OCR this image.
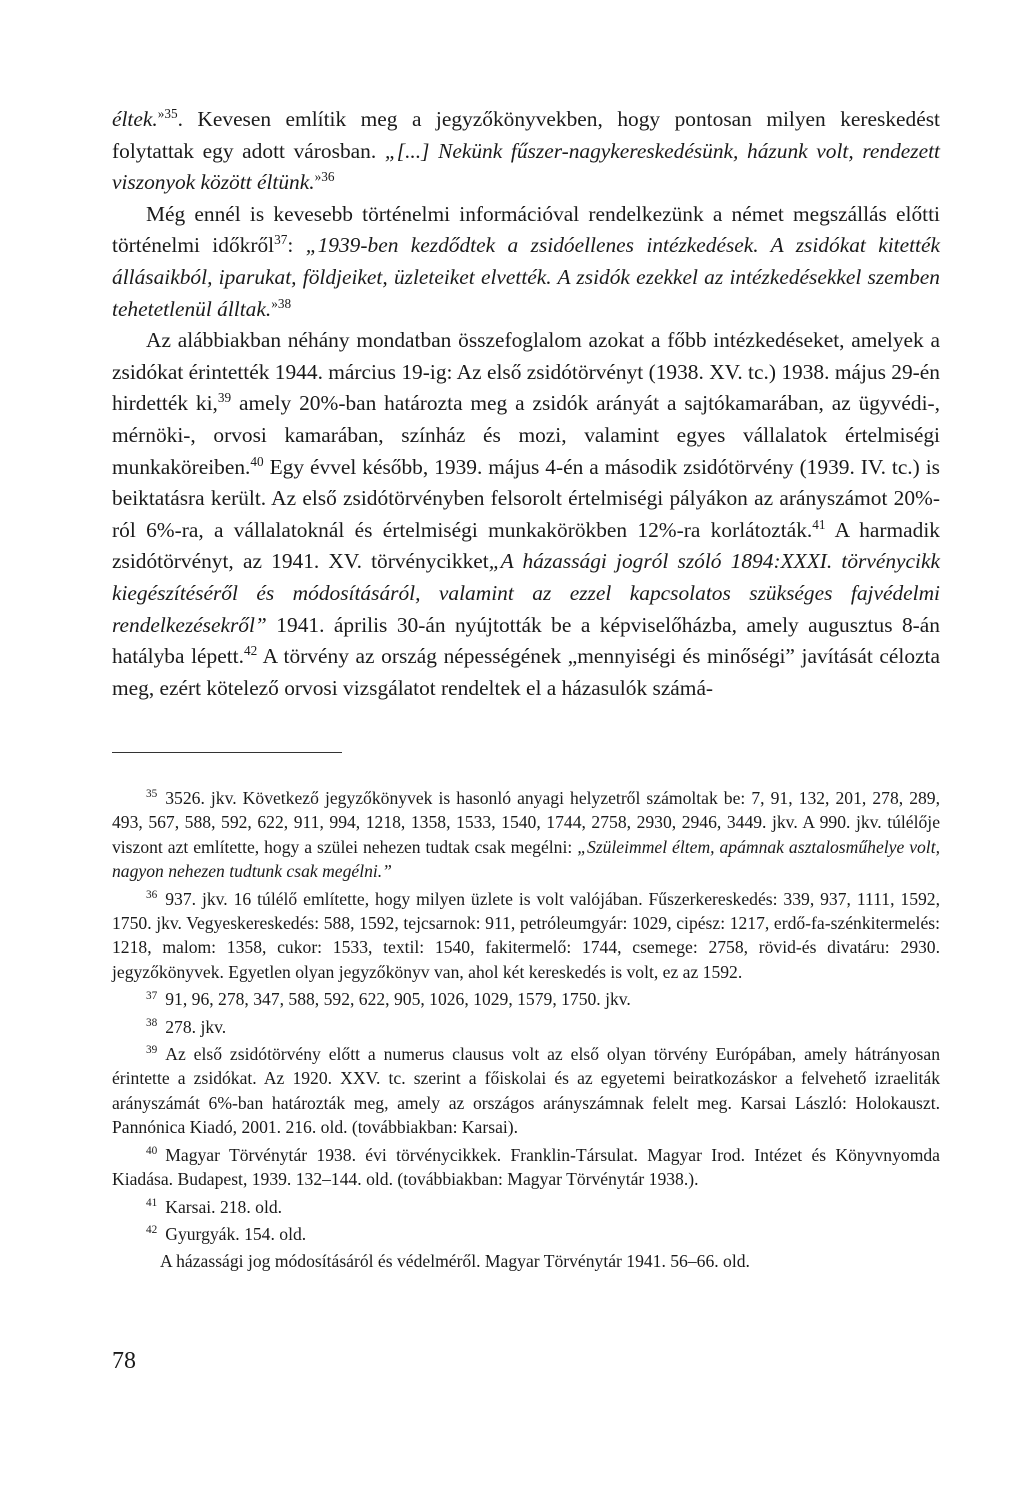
éltek.$^{»35}$. Kevesen említik meg a jegyzőkönyvekben, hogy pontosan milyen kereskedést folytattak egy adott városban. „[...] Nekünk fűszer-nagykereskedésünk, házunk volt, rendezett viszonyok között éltünk.$^{»36}$

Még ennél is kevesebb történelmi információval rendelkezünk a német megszállás előtti történelmi időkről$^{37}$: „1939-ben kezdődtek a zsidóellenes intézkedések. A zsidókat kitették állásaikból, iparukat, földjeiket, üzleteiket elvették. A zsidók ezekkel az intézkedésekkel szemben tehetetlenül álltak.$^{»38}$

Az alábbiakban néhány mondatban összefoglalom azokat a főbb intézkedéseket, amelyek a zsidókat érintették 1944. március 19-ig: Az első zsidótörvényt (1938. XV. tc.) 1938. május 29-én hirdették ki,$^{39}$ amely 20%-ban határozta meg a zsidók arányát a sajtókamarában, az ügyvédi-, mérnöki-, orvosi kamarában, színház és mozi, valamint egyes vállalatok értelmiségi munkaköreiben.$^{40}$ Egy évvel később, 1939. május 4-én a második zsidótörvény (1939. IV. tc.) is beiktatásra került. Az első zsidótörvényben felsorolt értelmiségi pályákon az arányszámot 20%-ról 6%-ra, a vállalatoknál és értelmiségi munkakörökben 12%-ra korlátozták.$^{41}$ A harmadik zsidótörvényt, az 1941. XV. törvénycikket„A házassági jogról szóló 1894:XXXI. törvénycikk kiegészítéséről és módosításáról, valamint az ezzel kapcsolatos szükséges fajvédelmi rendelkezésekről” 1941. április 30-án nyújtották be a képviselőházba, amely augusztus 8-án hatályba lépett.$^{42}$ A törvény az ország népességének „mennyiségi és minőségi” javítását célozta meg, ezért kötelező orvosi vizsgálatot rendeltek el a házasulók számá-

$^{35}$ 3526. jkv. Következő jegyzőkönyvek is hasonló anyagi helyzetről számoltak be: 7, 91, 132, 201, 278, 289, 493, 567, 588, 592, 622, 911, 994, 1218, 1358, 1533, 1540, 1744, 2758, 2930, 2946, 3449. jkv. A 990. jkv. túlélője viszont azt említette, hogy a szülei nehezen tudtak csak megélni: „Szüleimmel éltem, apámnak asztalosműhelye volt, nagyon nehezen tudtunk csak megélni.”

$^{36}$ 937. jkv. 16 túlélő említette, hogy milyen üzlete is volt valójában. Fűszerkereskedés: 339, 937, 1111, 1592, 1750. jkv. Vegyeskereskedés: 588, 1592, tejcsarnok: 911, petróleumgyár: 1029, cipész: 1217, erdő-fa-szénkitermelés: 1218, malom: 1358, cukor: 1533, textil: 1540, fakitermelő: 1744, csemege: 2758, rövid-és divatáru: 2930. jegyzőkönyvek. Egyetlen olyan jegyzőkönyv van, ahol két kereskedés is volt, ez az 1592.

$^{37}$ 91, 96, 278, 347, 588, 592, 622, 905, 1026, 1029, 1579, 1750. jkv.

$^{38}$ 278. jkv.

$^{39}$ Az első zsidótörvény előtt a numerus clausus volt az első olyan törvény Európában, amely hátrányosan érintette a zsidókat. Az 1920. XXV. tc. szerint a főiskolai és az egyetemi beiratkozáskor a felvehető izraeliták arányszámát 6%-ban határozták meg, amely az országos arányszámnak felelt meg. Karsai László: Holokauszt. Pannónica Kiadó, 2001. 216. old. (továbbiakban: Karsai).

$^{40}$ Magyar Törvénytár 1938. évi törvénycikkek. Franklin-Társulat. Magyar Irod. Intézet és Könyvnyomda Kiadása. Budapest, 1939. 132–144. old. (továbbiakban: Magyar Törvénytár 1938.).

$^{41}$ Karsai. 218. old.

$^{42}$ Gyurgyák. 154. old.

A házassági jog módosításáról és védelméről. Magyar Törvénytár 1941. 56–66. old.

78
